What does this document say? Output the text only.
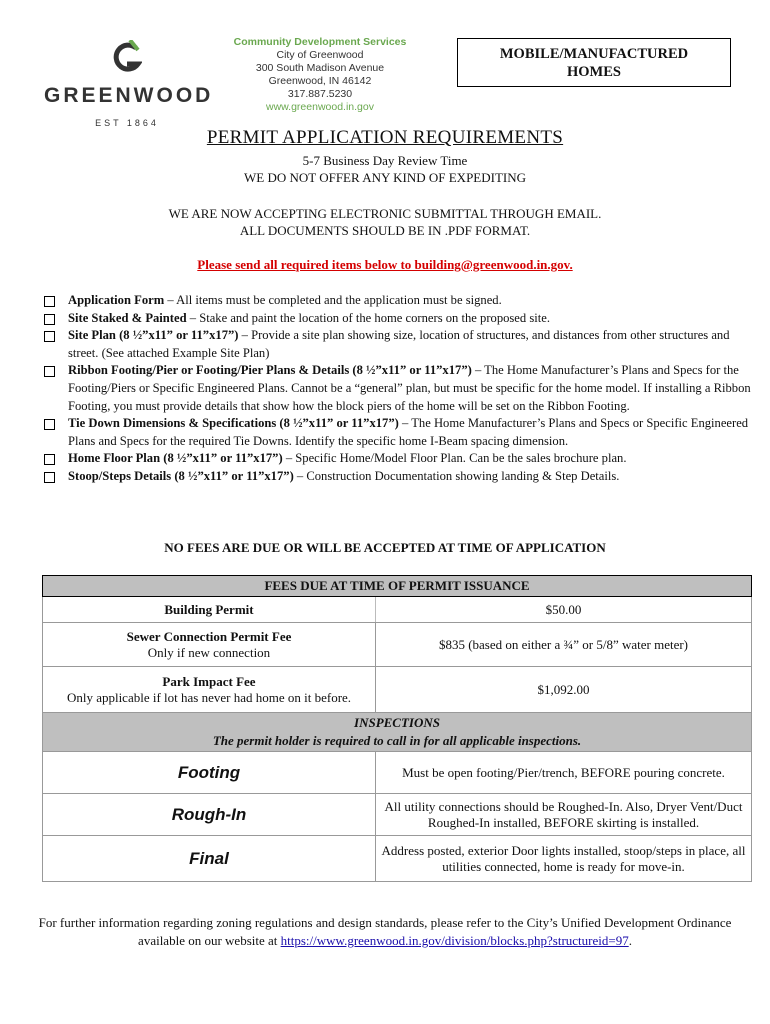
GREENWOOD
EST 1864
Community Development Services
City of Greenwood
300 South Madison Avenue
Greenwood, IN 46142
317.887.5230
www.greenwood.in.gov
MOBILE/MANUFACTURED
HOMES
PERMIT APPLICATION REQUIREMENTS
5-7 Business Day Review Time
WE DO NOT OFFER ANY KIND OF EXPEDITING
WE ARE NOW ACCEPTING ELECTRONIC SUBMITTAL THROUGH EMAIL.
ALL DOCUMENTS SHOULD BE IN .PDF FORMAT.
Please send all required items below to building@greenwood.in.gov.
Application Form – All items must be completed and the application must be signed.
Site Staked & Painted – Stake and paint the location of the home corners on the proposed site.
Site Plan (8 ½”x11” or 11”x17”) – Provide a site plan showing size, location of structures, and distances from other structures and street. (See attached Example Site Plan)
Ribbon Footing/Pier or Footing/Pier Plans & Details (8 ½”x11” or 11”x17”) – The Home Manufacturer’s Plans and Specs for the Footing/Piers or Specific Engineered Plans. Cannot be a “general” plan, but must be specific for the home model. If installing a Ribbon Footing, you must provide details that show how the block piers of the home will be set on the Ribbon Footing.
Tie Down Dimensions & Specifications (8 ½”x11” or 11”x17”) – The Home Manufacturer’s Plans and Specs or Specific Engineered Plans and Specs for the required Tie Downs. Identify the specific home I-Beam spacing dimension.
Home Floor Plan (8 ½”x11” or 11”x17”) – Specific Home/Model Floor Plan. Can be the sales brochure plan.
Stoop/Steps Details (8 ½”x11” or 11”x17”) – Construction Documentation showing landing & Step Details.
NO FEES ARE DUE OR WILL BE ACCEPTED AT TIME OF APPLICATION
FEES DUE AT TIME OF PERMIT ISSUANCE	
Building Permit	$50.00

Sewer Connection Permit Fee
Only if new connection	$835 (based on either a ¾” or 5/8” water meter)

Park Impact Fee
Only applicable if lot has never had home on it before.	$1,092.00

INSPECTIONS
The permit holder is required to call in for all applicable inspections.	

Footing	Must be open footing/Pier/trench, BEFORE pouring concrete.
Rough-In	All utility connections should be Roughed-In. Also, Dryer Vent/Duct Roughed-In installed, BEFORE skirting is installed.
Final	Address posted, exterior Door lights installed, stoop/steps in place, all utilities connected, home is ready for move-in.
For further information regarding zoning regulations and design standards, please refer to the City’s Unified Development Ordinance available on our website at https://www.greenwood.in.gov/division/blocks.php?structureid=97.
